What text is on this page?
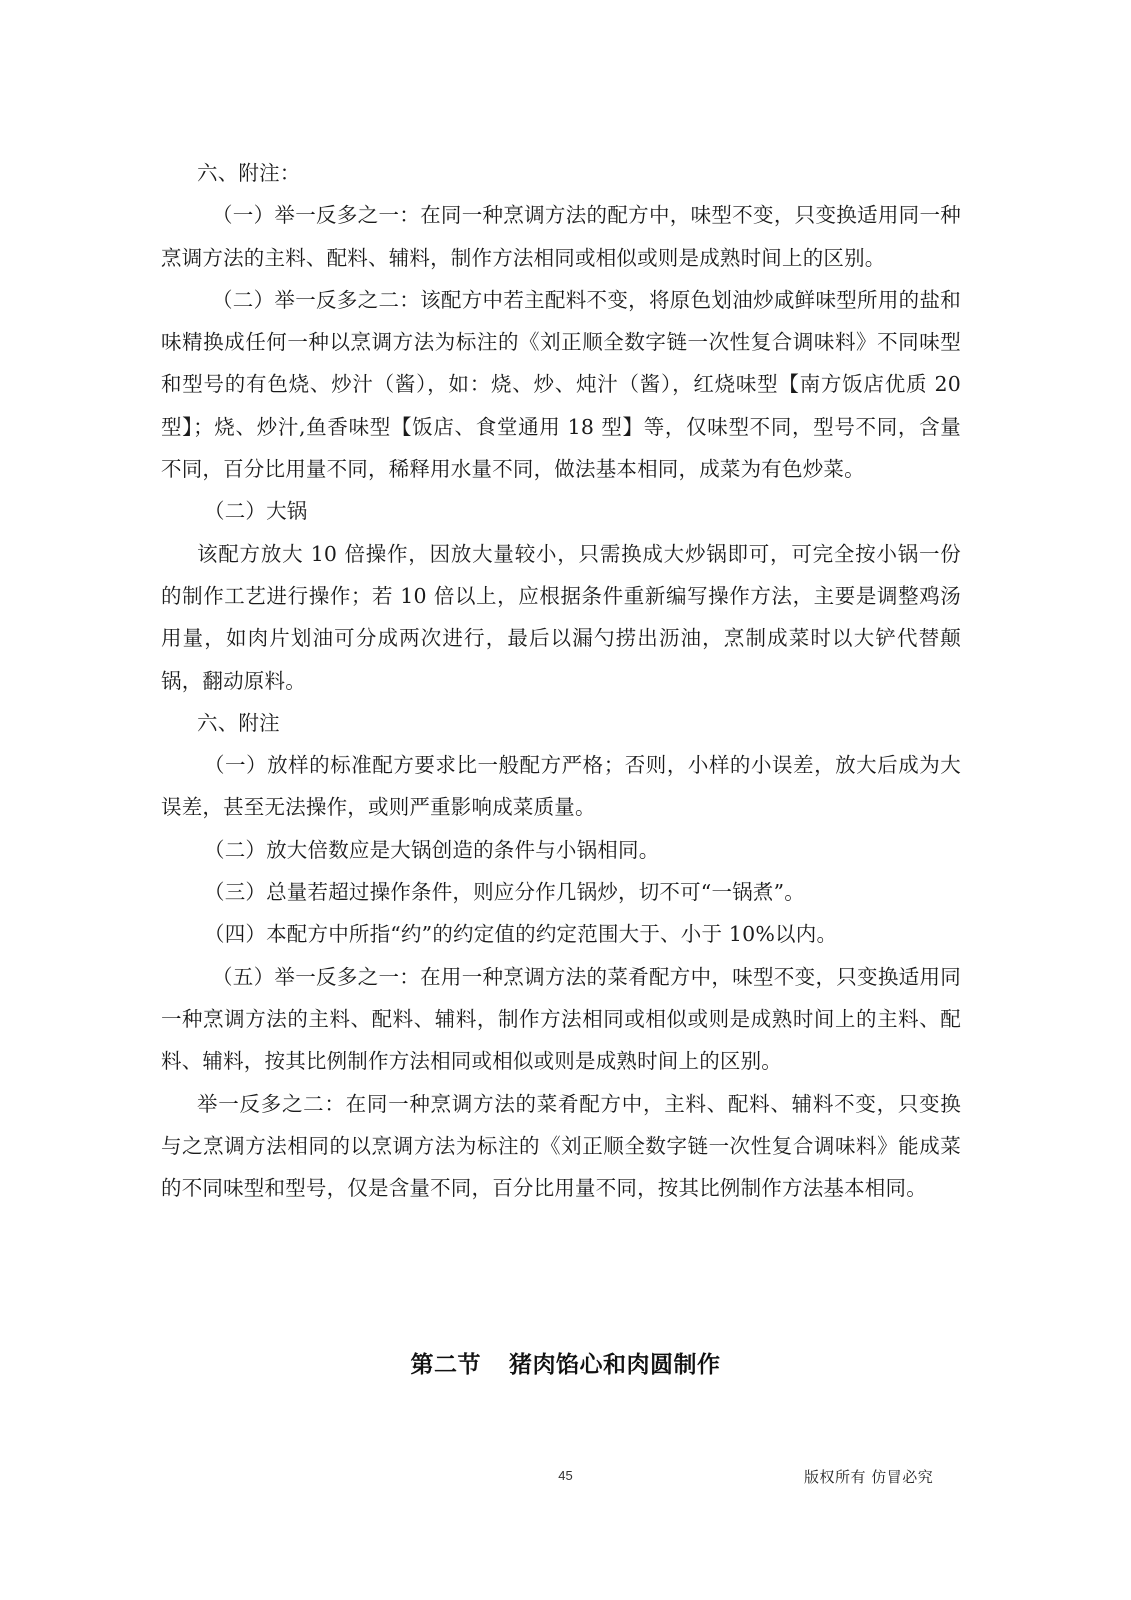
六、附注：

（一）举一反多之一：在同一种烹调方法的配方中，味型不变，只变换适用同一种烹调方法的主料、配料、辅料，制作方法相同或相似或则是成熟时间上的区别。

（二）举一反多之二：该配方中若主配料不变，将原色划油炒咸鲜味型所用的盐和味精换成任何一种以烹调方法为标注的《刘正顺全数字链一次性复合调味料》不同味型和型号的有色烧、炒汁（酱），如：烧、炒、炖汁（酱），红烧味型【南方饭店优质 20 型】；烧、炒汁,鱼香味型【饭店、食堂通用 18 型】等，仅味型不同，型号不同，含量不同，百分比用量不同，稀释用水量不同，做法基本相同，成菜为有色炒菜。

（二）大锅

该配方放大 10 倍操作，因放大量较小，只需换成大炒锅即可，可完全按小锅一份的制作工艺进行操作；若 10 倍以上，应根据条件重新编写操作方法，主要是调整鸡汤用量，如肉片划油可分成两次进行，最后以漏勺捞出沥油，烹制成菜时以大铲代替颠锅，翻动原料。

六、附注

（一）放样的标准配方要求比一般配方严格；否则，小样的小误差，放大后成为大误差，甚至无法操作，或则严重影响成菜质量。

（二）放大倍数应是大锅创造的条件与小锅相同。

（三）总量若超过操作条件，则应分作几锅炒，切不可“一锅煮”。

（四）本配方中所指“约”的约定值的约定范围大于、小于 10%以内。

（五）举一反多之一：在用一种烹调方法的菜肴配方中，味型不变，只变换适用同一种烹调方法的主料、配料、辅料，制作方法相同或相似或则是成熟时间上的主料、配料、辅料，按其比例制作方法相同或相似或则是成熟时间上的区别。

举一反多之二：在同一种烹调方法的菜肴配方中，主料、配料、辅料不变，只变换与之烹调方法相同的以烹调方法为标注的《刘正顺全数字链一次性复合调味料》能成菜的不同味型和型号，仅是含量不同，百分比用量不同，按其比例制作方法基本相同。

第二节 猪肉馅心和肉圆制作
45	版权所有 仿冒必究
